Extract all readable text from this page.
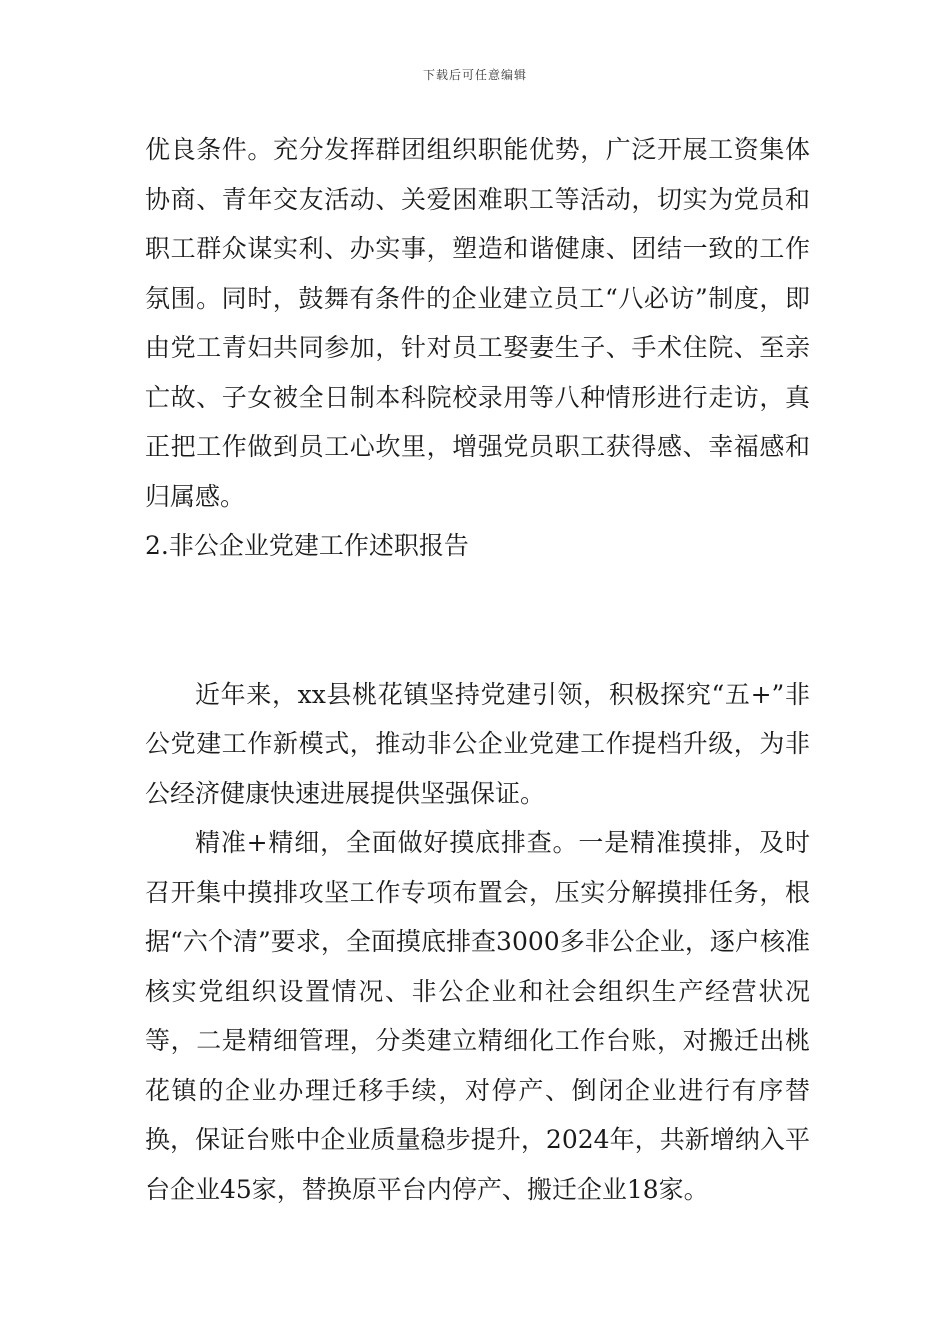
下载后可任意编辑

优良条件。充分发挥群团组织职能优势，广泛开展工资集体协商、青年交友活动、关爱困难职工等活动，切实为党员和职工群众谋实利、办实事，塑造和谐健康、团结一致的工作氛围。同时，鼓舞有条件的企业建立员工“八必访”制度，即由党工青妇共同参加，针对员工娶妻生子、手术住院、至亲亡故、子女被全日制本科院校录用等八种情形进行走访，真正把工作做到员工心坎里，增强党员职工获得感、幸福感和归属感。

2.非公企业党建工作述职报告

近年来，xx县桃花镇坚持党建引领，积极探究“五+”非公党建工作新模式，推动非公企业党建工作提档升级，为非公经济健康快速进展提供坚强保证。

精准+精细，全面做好摸底排查。一是精准摸排，及时召开集中摸排攻坚工作专项布置会，压实分解摸排任务，根据“六个清”要求，全面摸底排查3000多非公企业，逐户核准核实党组织设置情况、非公企业和社会组织生产经营状况等，二是精细管理，分类建立精细化工作台账，对搬迁出桃花镇的企业办理迁移手续，对停产、倒闭企业进行有序替换，保证台账中企业质量稳步提升，2024年，共新增纳入平台企业45家，替换原平台内停产、搬迁企业18家。
